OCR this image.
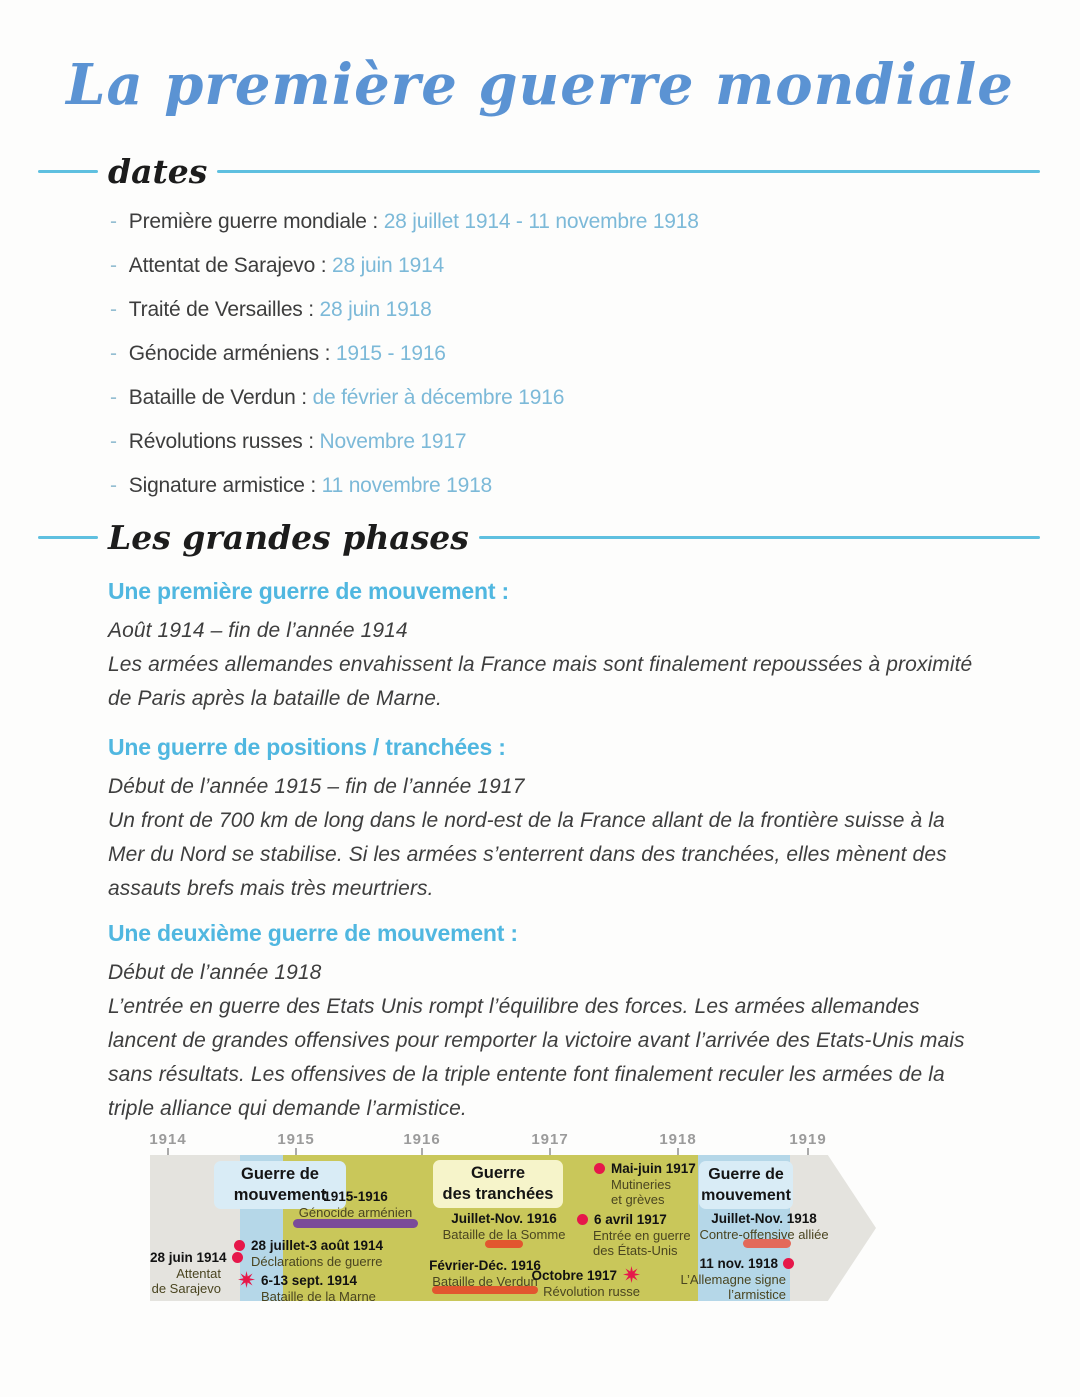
La première guerre mondiale
dates
- Première guerre mondiale : 28 juillet 1914 - 11 novembre 1918
- Attentat de Sarajevo : 28 juin 1914
- Traité de Versailles : 28 juin 1918
- Génocide arméniens : 1915 - 1916
- Bataille de Verdun : de février à décembre 1916
- Révolutions russes : Novembre 1917
- Signature armistice : 11 novembre 1918
Les grandes phases
Une première guerre de mouvement :
Août 1914 – fin de l’année 1914
Les armées allemandes envahissent la France mais sont finalement repoussées à proximité de Paris après la bataille de Marne.
Une guerre de positions / tranchées :
Début de l’année 1915 – fin de l’année 1917
Un front de 700 km de long dans le nord-est de la France allant de la frontière suisse à la Mer du Nord se stabilise. Si les armées s’enterrent dans des tranchées, elles mènent des assauts brefs mais très meurtriers.
Une deuxième guerre de mouvement :
Début de l’année 1918
L’entrée en guerre des Etats Unis rompt l’équilibre des forces. Les armées allemandes lancent de grandes offensives pour remporter la victoire avant l’arrivée des Etats-Unis mais sans résultats. Les offensives de la triple entente font finalement reculer les armées de la triple alliance qui demande l’armistice.
1914	1915	1916	1917	1918	1919
Guerre de
mouvement
Guerre
des tranchées
Guerre de
mouvement
28 juin 1914
Attentat
de Sarajevo
28 juillet-3 août 1914
Déclarations de guerre
6-13 sept. 1914
Bataille de la Marne
1915-1916
Génocide arménien	Juillet-Nov. 1916
Bataille de la Somme
Février-Déc. 1916
Bataille de Verdun
Mai-juin 1917
Mutineries
et grèves
6 avril 1917
Entrée en guerre
des États-Unis
Octobre 1917
Révolution russe
Juillet-Nov. 1918
Contre-offensive alliée
11 nov. 1918
L’Allemagne signe
l’armistice
